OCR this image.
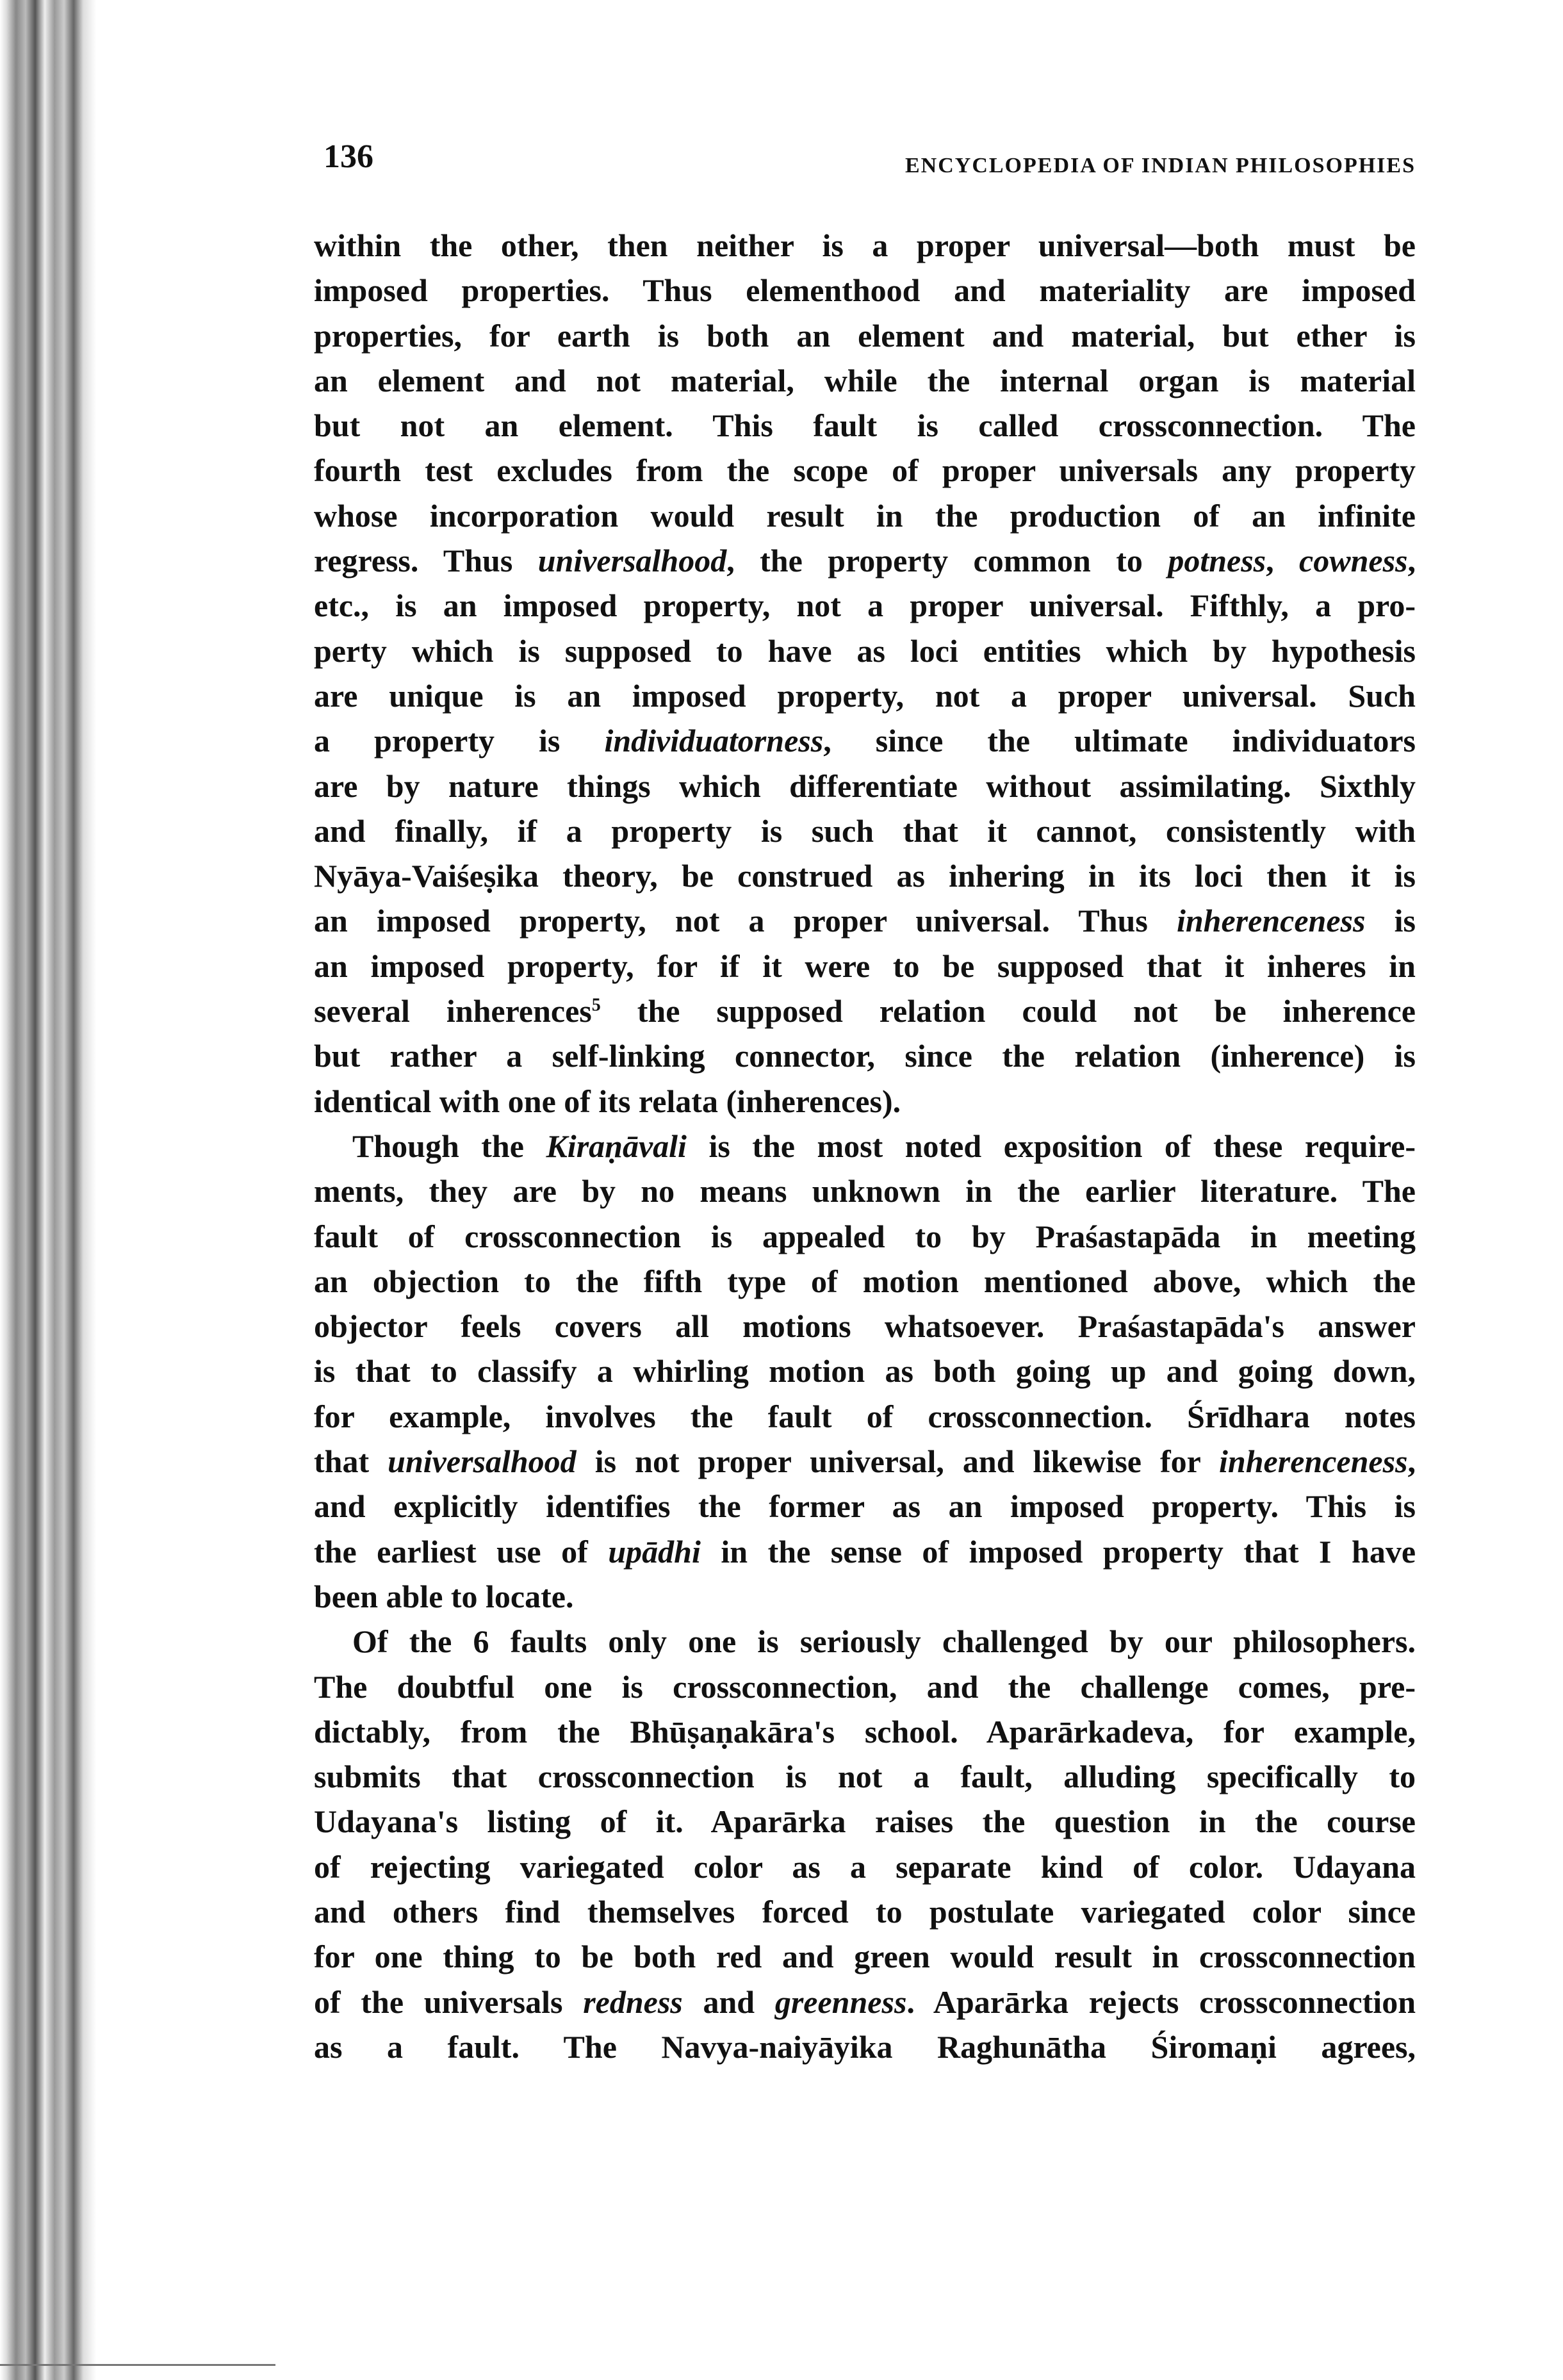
136	ENCYCLOPEDIA OF INDIAN PHILOSOPHIES
within the other, then neither is a proper universal—both must be
imposed properties. Thus elementhood and materiality are imposed
properties, for earth is both an element and material, but ether is
an element and not material, while the internal organ is material
but not an element. This fault is called crossconnection. The
fourth test excludes from the scope of proper universals any property
whose incorporation would result in the production of an infinite
regress. Thus universalhood, the property common to potness, cowness,
etc., is an imposed property, not a proper universal. Fifthly, a pro-
perty which is supposed to have as loci entities which by hypothesis
are unique is an imposed property, not a proper universal. Such
a property is individuatorness, since the ultimate individuators
are by nature things which differentiate without assimilating. Sixthly
and finally, if a property is such that it cannot, consistently with
Nyāya-Vaiśeṣika theory, be construed as inhering in its loci then it is
an imposed property, not a proper universal. Thus inherenceness is
an imposed property, for if it were to be supposed that it inheres in
several inherences$^5$ the supposed relation could not be inherence
but rather a self-linking connector, since the relation (inherence) is
identical with one of its relata (inherences).
Though the Kiraṇāvali is the most noted exposition of these require-
ments, they are by no means unknown in the earlier literature. The
fault of crossconnection is appealed to by Praśastapāda in meeting
an objection to the fifth type of motion mentioned above, which the
objector feels covers all motions whatsoever. Praśastapāda's answer
is that to classify a whirling motion as both going up and going down,
for example, involves the fault of crossconnection. Śrīdhara notes
that universalhood is not proper universal, and likewise for inherenceness,
and explicitly identifies the former as an imposed property. This is
the earliest use of upādhi in the sense of imposed property that I have
been able to locate.
Of the 6 faults only one is seriously challenged by our philosophers.
The doubtful one is crossconnection, and the challenge comes, pre-
dictably, from the Bhūṣaṇakāra's school. Aparārkadeva, for example,
submits that crossconnection is not a fault, alluding specifically to
Udayana's listing of it. Aparārka raises the question in the course
of rejecting variegated color as a separate kind of color. Udayana
and others find themselves forced to postulate variegated color since
for one thing to be both red and green would result in crossconnection
of the universals redness and greenness. Aparārka rejects crossconnection
as a fault. The Navya-naiyāyika Raghunātha Śiromaṇi agrees,
